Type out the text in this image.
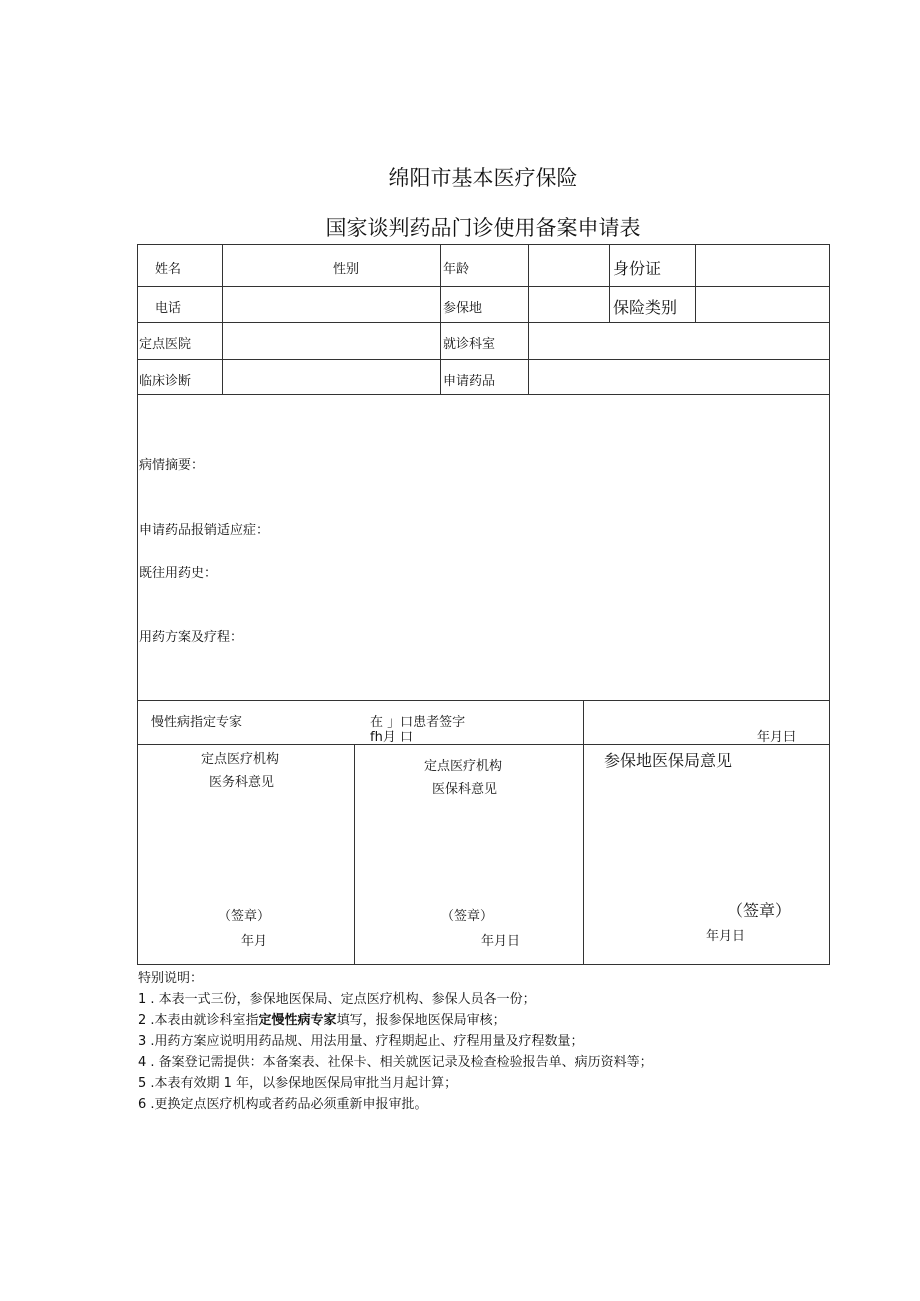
绵阳市基本医疗保险
国家谈判药品门诊使用备案申请表
姓名	性别	年龄	身份证
电话	参保地	保险类别
定点医院	就诊科室
临床诊断	申请药品
病情摘要：
申请药品报销适应症：
既往用药史：
用药方案及疗程：
慢性病指定专家	在 」口患者签字
fh月 口	年月曰
定点医疗机构
医务科意见
（签章）
年月
定点医疗机构
医保科意见
（签章）
年月日
参保地医保局意见
（签章）
年月日
特别说明：
1 . 本表一式三份，参保地医保局、定点医疗机构、参保人员各一份；
2 .本表由就诊科室指定慢性病专家填写，报参保地医保局审核；
3 .用药方案应说明用药品规、用法用量、疗程期起止、疗程用量及疗程数量；
4 . 备案登记需提供：本备案表、社保卡、相关就医记录及检查检验报告单、病历资料等；
5 .本表有效期 1 年，以参保地医保局审批当月起计算；
6 .更换定点医疗机构或者药品必须重新申报审批。
